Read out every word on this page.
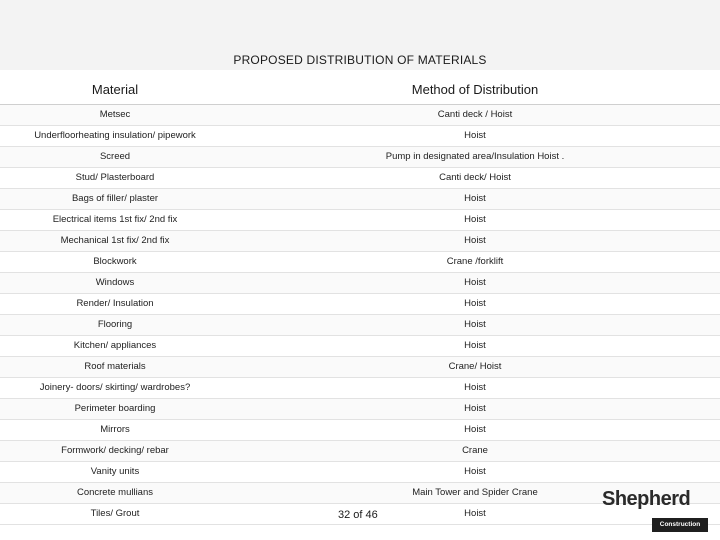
PROPOSED DISTRIBUTION OF MATERIALS
Material	Method of Distribution
Metsec	Canti deck / Hoist
Underfloorheating insulation/ pipework	Hoist
Screed	Pump in designated area/Insulation Hoist .
Stud/ Plasterboard	Canti deck/ Hoist
Bags of filler/ plaster	Hoist
Electrical items 1st fix/ 2nd fix	Hoist
Mechanical 1st fix/ 2nd fix	Hoist
Blockwork	Crane /forklift
Windows	Hoist
Render/ Insulation	Hoist
Flooring	Hoist
Kitchen/ appliances	Hoist
Roof materials	Crane/ Hoist
Joinery- doors/ skirting/ wardrobes?	Hoist
Perimeter boarding	Hoist
Mirrors	Hoist
Formwork/ decking/ rebar	Crane
Vanity units	Hoist
Concrete mullians	Main Tower and Spider Crane
Tiles/ Grout	Hoist
32 of 46
Shepherd
Construction
